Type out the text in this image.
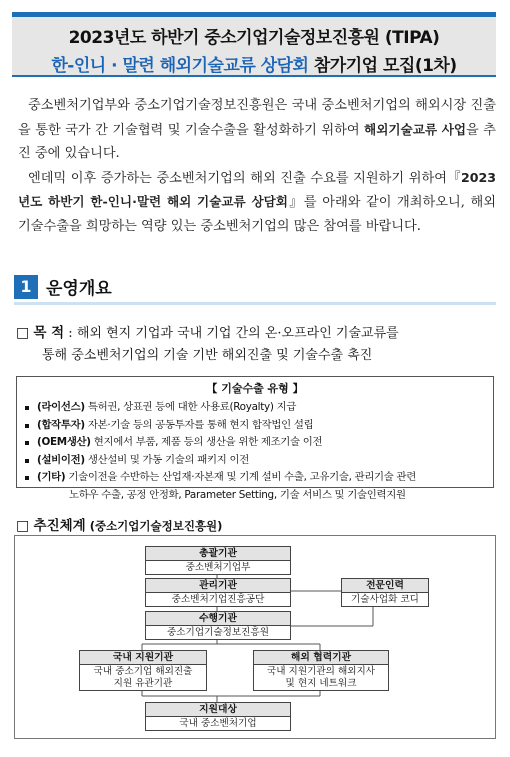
2023년도 하반기 중소기업기술정보진흥원 (TIPA)
한-인니 · 말련 해외기술교류 상담회 참가기업 모집(1차)

중소벤처기업부와 중소기업기술정보진흥원은 국내 중소벤처기업의 해외시장 진출을 통한 국가 간 기술협력 및 기술수출을 활성화하기 위하여 해외기술교류 사업을 추진 중에 있습니다.

엔데믹 이후 증가하는 중소벤처기업의 해외 진출 수요를 지원하기 위하여『2023년도 하반기 한-인니·말련 해외 기술교류 상담회』를 아래와 같이 개최하오니, 해외 기술수출을 희망하는 역량 있는 중소벤처기업의 많은 참여를 바랍니다.

1 운영개요
□ 목 적 : 해외 현지 기업과 국내 기업 간의 온·오프라인 기술교류를
통해 중소벤처기업의 기술 기반 해외진출 및 기술수출 촉진
【 기술수출 유형 】
(라이선스) 특허권, 상표권 등에 대한 사용료(Royalty) 지급
(합작투자) 자본·기술 등의 공동투자를 통해 현지 합작법인 설립
(OEM생산) 현지에서 부품, 제품 등의 생산을 위한 제조기술 이전
(설비이전) 생산설비 및 가동 기술의 패키지 이전
(기타) 기술이전을 수반하는 산업재·자본재 및 기계 설비 수출, 고유기술, 관리기술 관련
노하우 수출, 공정 안정화, Parameter Setting, 기술 서비스 및 기술인력지원
□ 추진체계 (중소기업기술정보진흥원)
총괄기관
중소벤처기업부
관리기관
중소벤처기업진흥공단
전문인력
기술사업화 코디
수행기관
중소기업기술정보진흥원
국내 지원기관
국내 중소기업 해외진출
지원 유관기관
해외 협력기관
국내 지원기관의 해외지사
및 현지 네트워크
지원대상
국내 중소벤처기업
